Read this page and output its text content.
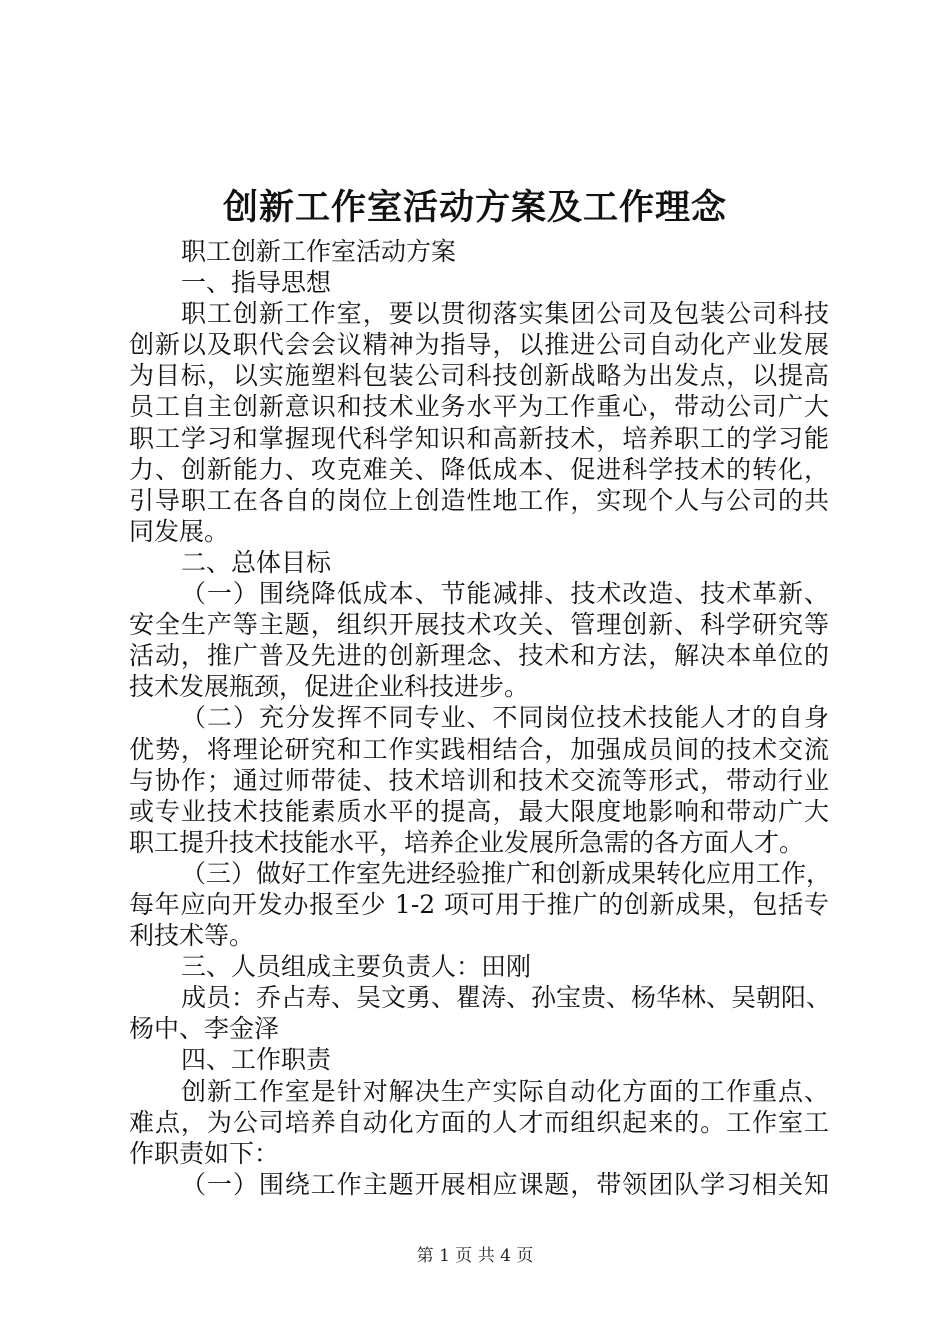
创新工作室活动方案及工作理念
职工创新工作室活动方案
一、指导思想
职工创新工作室，要以贯彻落实集团公司及包装公司科技
创新以及职代会会议精神为指导，以推进公司自动化产业发展
为目标，以实施塑料包装公司科技创新战略为出发点，以提高
员工自主创新意识和技术业务水平为工作重心，带动公司广大
职工学习和掌握现代科学知识和高新技术，培养职工的学习能
力、创新能力、攻克难关、降低成本、促进科学技术的转化，
引导职工在各自的岗位上创造性地工作，实现个人与公司的共
同发展。
二、总体目标
（一）围绕降低成本、节能减排、技术改造、技术革新、
安全生产等主题，组织开展技术攻关、管理创新、科学研究等
活动，推广普及先进的创新理念、技术和方法，解决本单位的
技术发展瓶颈，促进企业科技进步。
（二）充分发挥不同专业、不同岗位技术技能人才的自身
优势，将理论研究和工作实践相结合，加强成员间的技术交流
与协作；通过师带徒、技术培训和技术交流等形式，带动行业
或专业技术技能素质水平的提高，最大限度地影响和带动广大
职工提升技术技能水平，培养企业发展所急需的各方面人才。
（三）做好工作室先进经验推广和创新成果转化应用工作，
每年应向开发办报至少 1-2 项可用于推广的创新成果，包括专
利技术等。
三、人员组成主要负责人：田刚
成员：乔占寿、吴文勇、瞿涛、孙宝贵、杨华林、吴朝阳、
杨中、李金泽
四、工作职责
创新工作室是针对解决生产实际自动化方面的工作重点、
难点，为公司培养自动化方面的人才而组织起来的。工作室工
作职责如下：
（一）围绕工作主题开展相应课题，带领团队学习相关知
第 1 页 共 4 页
